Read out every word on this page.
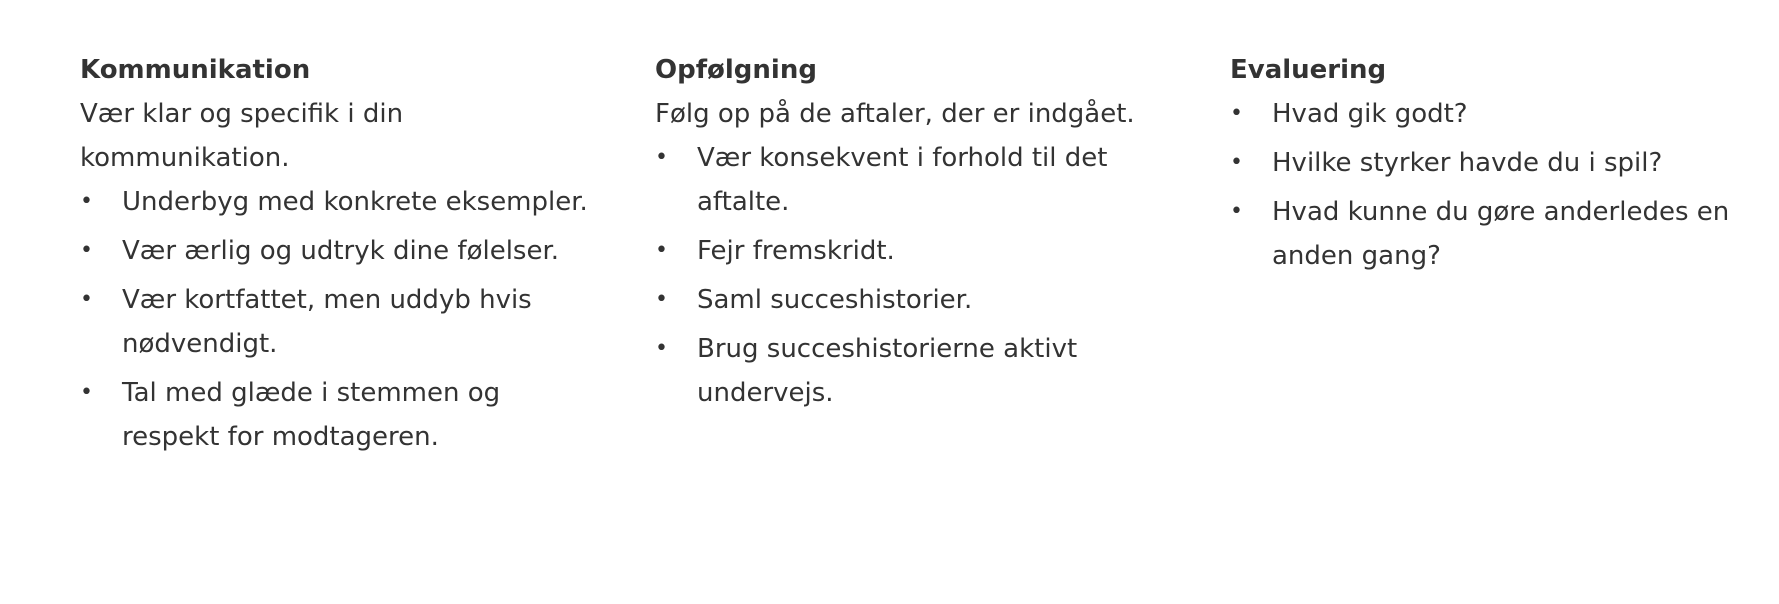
Kommunikation

Vær klar og specifik i din kommunikation.

• Underbyg med konkrete eksempler.
• Vær ærlig og udtryk dine følelser.
• Vær kortfattet, men uddyb hvis nødvendigt.
• Tal med glæde i stemmen og respekt for modtageren.
Opfølgning

Følg op på de aftaler, der er indgået.

• Vær konsekvent i forhold til det aftalte.
• Fejr fremskridt.
• Saml succeshistorier.
• Brug succeshistorierne aktivt undervejs.
Evaluering
• Hvad gik godt?
• Hvilke styrker havde du i spil?
• Hvad kunne du gøre anderledes en anden gang?
